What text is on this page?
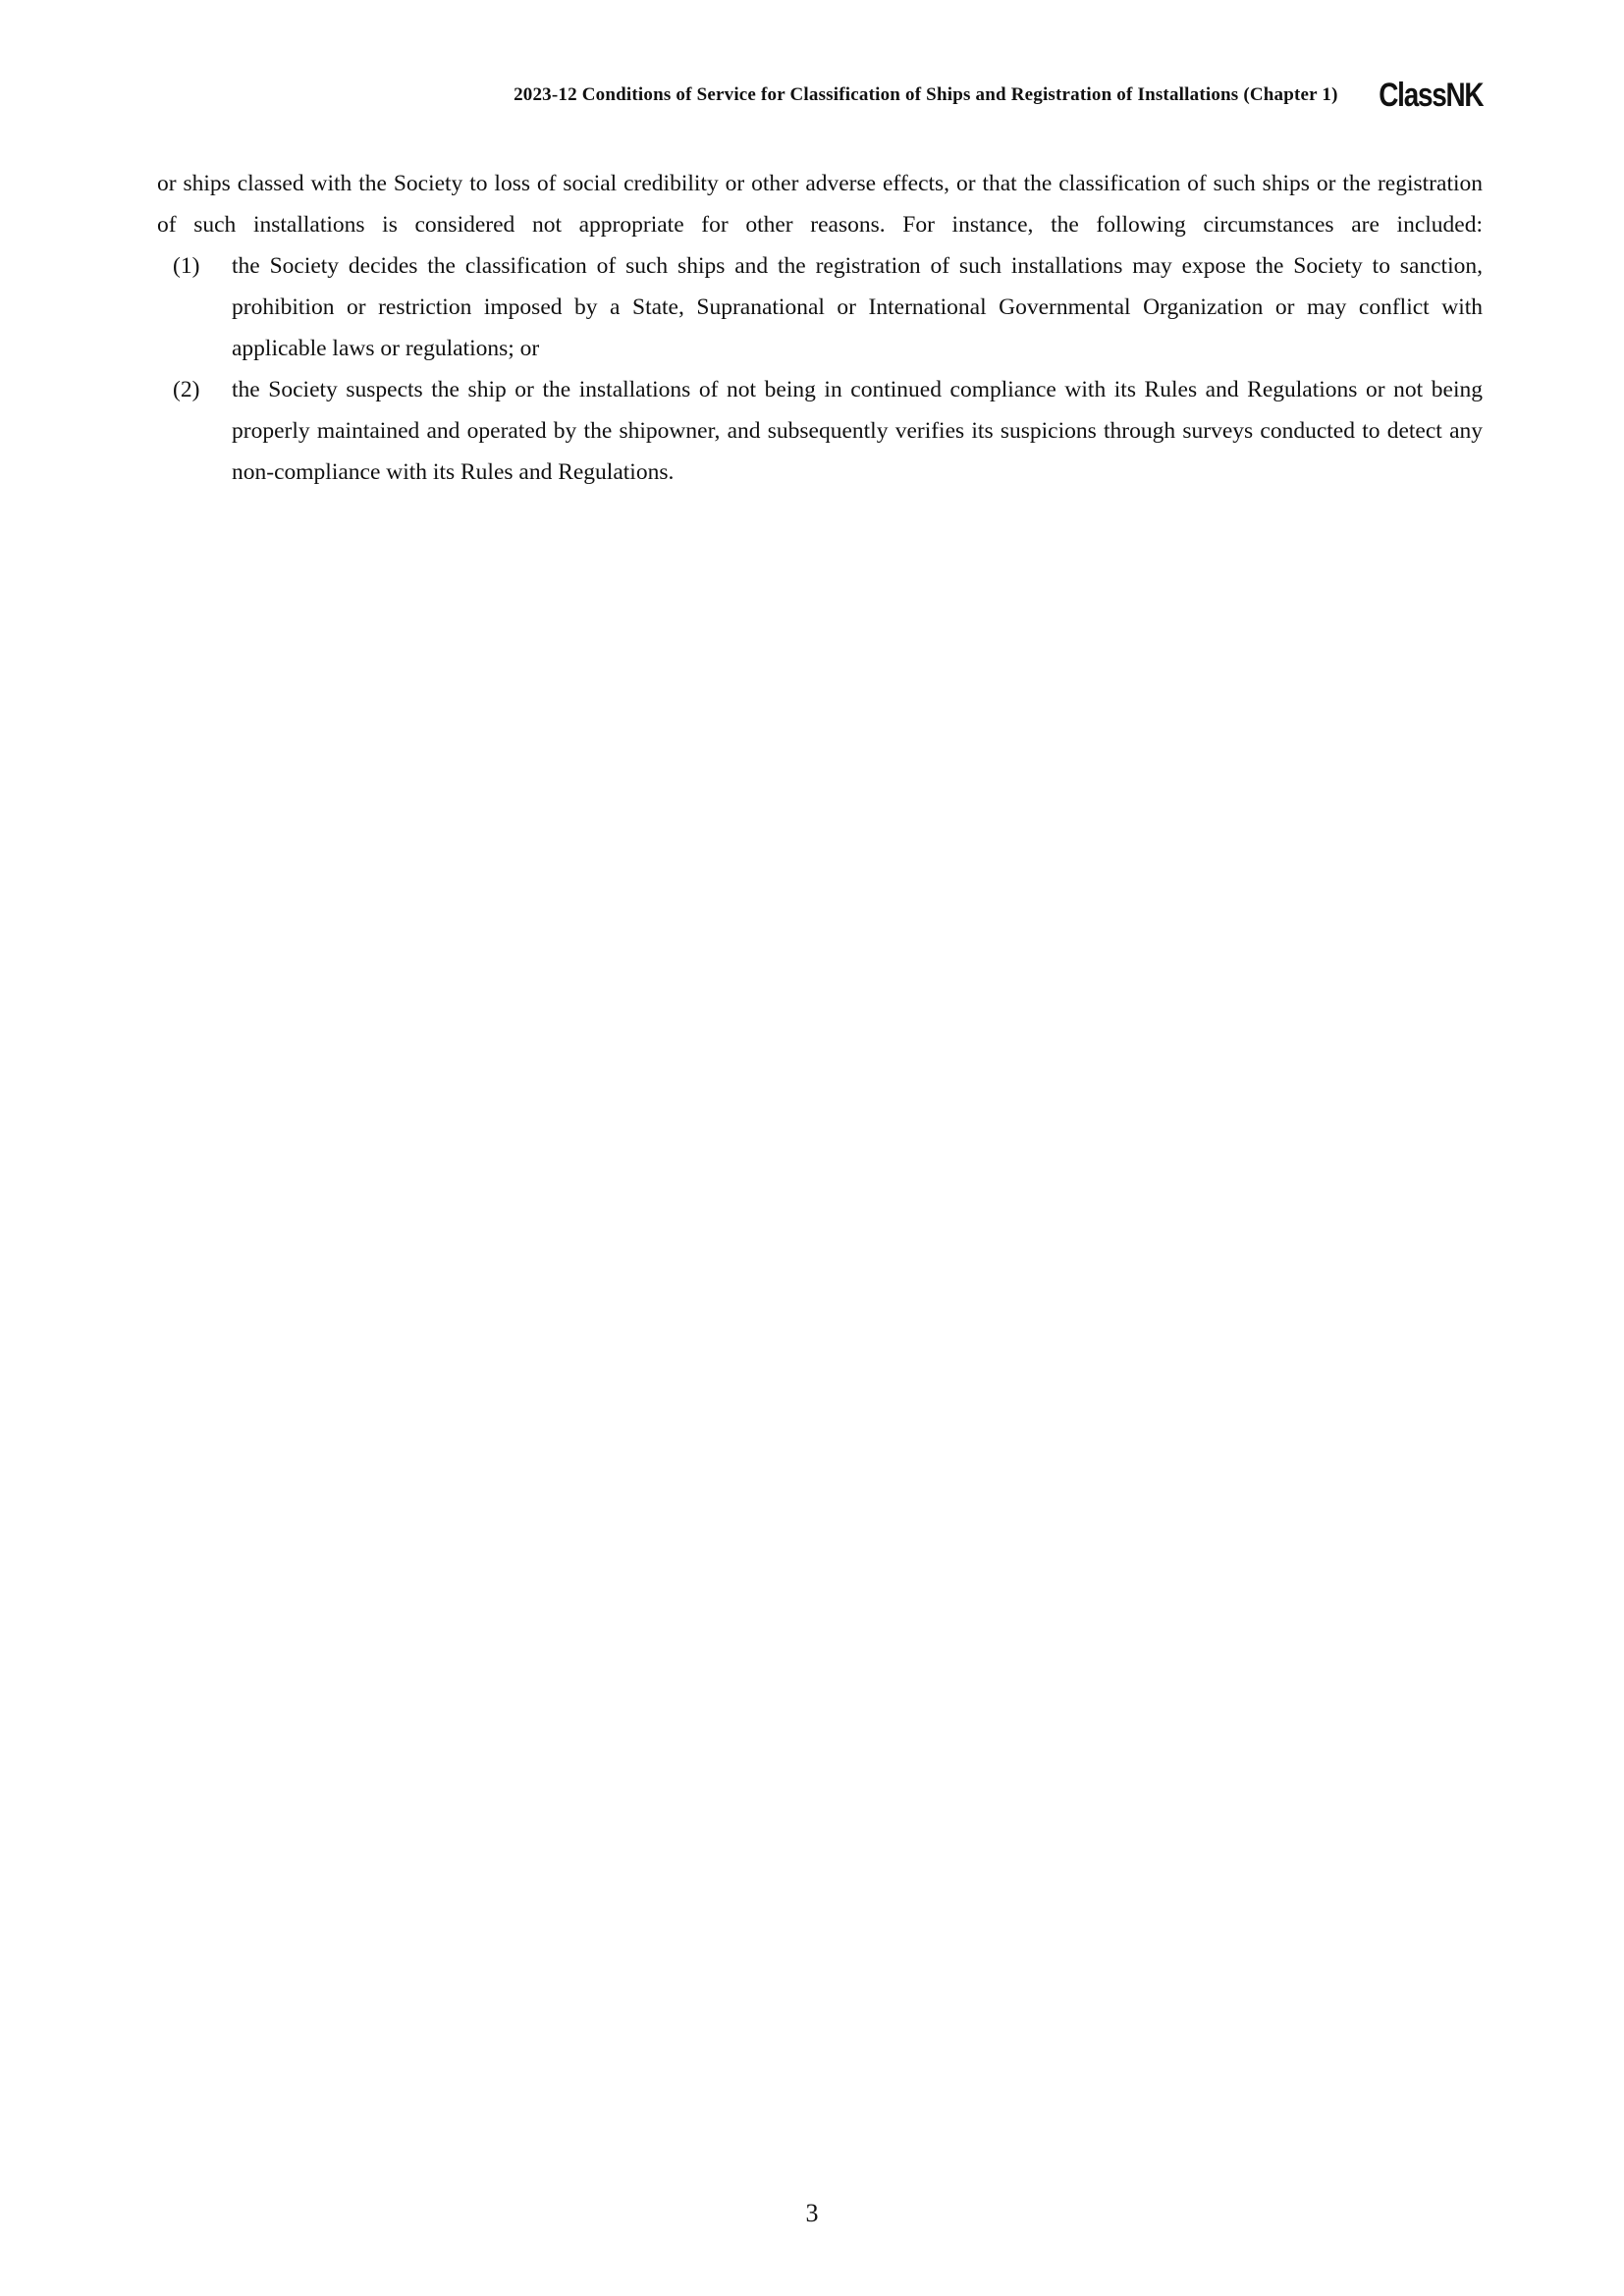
2023-12 Conditions of Service for Classification of Ships and Registration of Installations (Chapter 1) ClassNK

or ships classed with the Society to loss of social credibility or other adverse effects, or that the classification of such ships or the registration of such installations is considered not appropriate for other reasons. For instance, the following circumstances are included:

(1)	the Society decides the classification of such ships and the registration of such installations may expose the Society to sanction, prohibition or restriction imposed by a State, Supranational or International Governmental Organization or may conflict with applicable laws or regulations; or
(2)	the Society suspects the ship or the installations of not being in continued compliance with its Rules and Regulations or not being properly maintained and operated by the shipowner, and subsequently verifies its suspicions through surveys conducted to detect any non-compliance with its Rules and Regulations.
3
